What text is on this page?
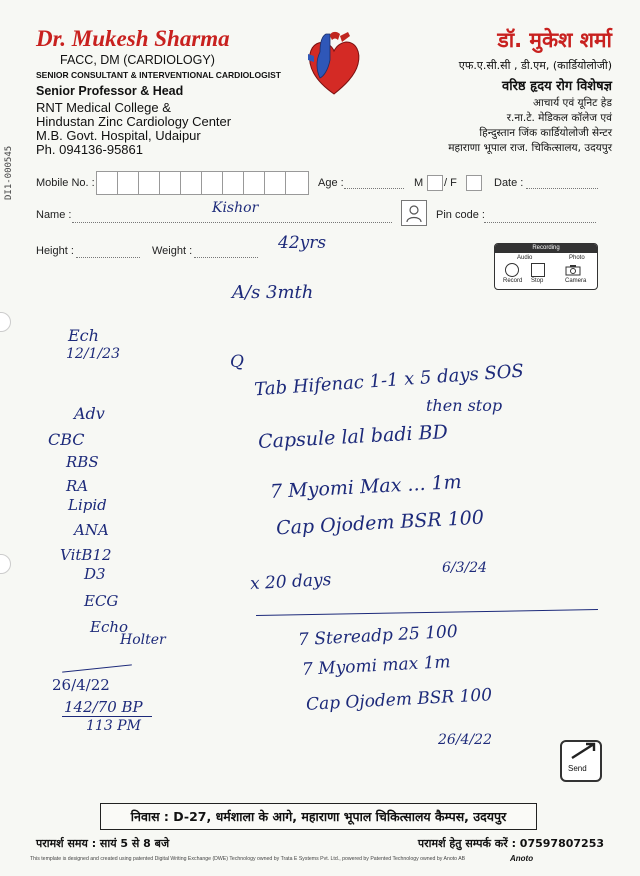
Dr. Mukesh Sharma
FACC, DM (CARDIOLOGY)
SENIOR CONSULTANT & INTERVENTIONAL CARDIOLOGIST
Senior Professor & Head
RNT Medical College &
Hindustan Zinc Cardiology Center
M.B. Govt. Hospital, Udaipur
Ph. 094136-95861
DI1-000545
डॉ. मुकेश शर्मा
एफ.ए.सी.सी , डी.एम, (कार्डियोलोजी)
वरिष्ठ हृदय रोग विशेषज्ञ
आचार्य एवं यूनिट हेड
र.ना.टे. मेडिकल कॉलेज एवं
हिन्दुस्तान जिंक कार्डियोलोजी सेन्टर
महाराणा भूपाल राज. चिकित्सालय, उदयपुर
Mobile No. :	Age :	M / F	Date :
Name :	Pin code :
Height :	Weight :	Recording
Audio	Photo
Record Stop	Camera
Kishor
42yrs
A/s 3mth
Ech
12/1/23
Adv
CBC
RBS
RA
Lipid
ANA
VitB12
D3
ECG
Echo
Holter
Q Tab Hifenac 1-1 x 5 days SOS
then stop
Capsule lal badi BD
7 Myomi Max ... 1m
Cap Ojodem BSR 100
x 20 days
6/3/24
7 Stereadp 25 100
7 Myomi max 1m
Cap Ojodem BSR 100
26/4/22
26/4/22
142/70 BP
113 PM
Send
निवास : D-27, धर्मशाला के आगे, महाराणा भूपाल चिकित्सालय कैम्पस, उदयपुर
परामर्श समय : सायं 5 से 8 बजे	परामर्श हेतु सम्पर्क करें : 07597807253
This template is designed and created using patented Digital Writing Exchange (DWE) Technology owned by Trata E Systems Pvt. Ltd., powered by Patented Technology owned by Anoto AB	Anoto
